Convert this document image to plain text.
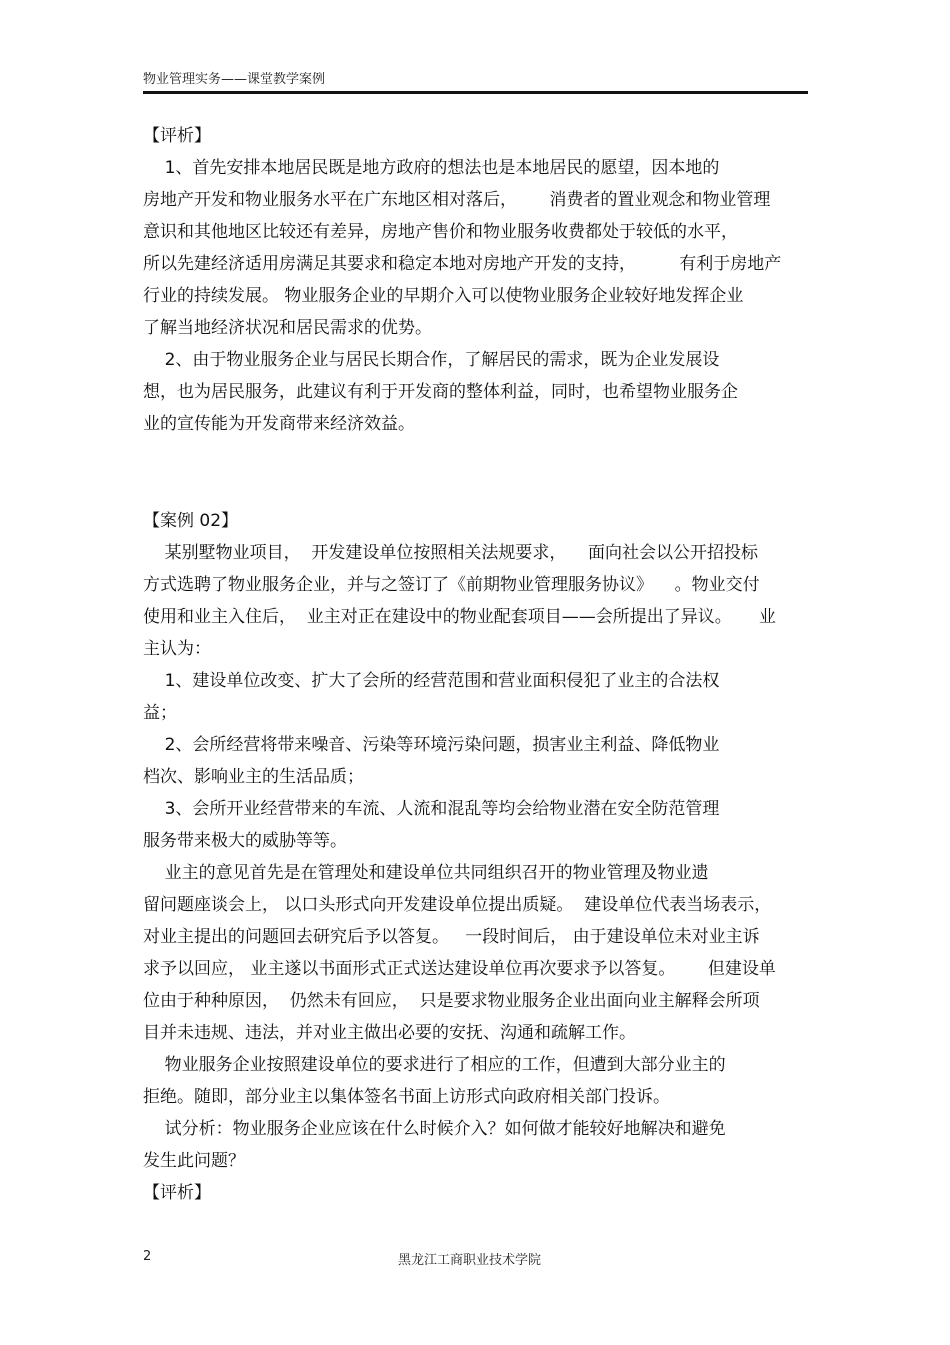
物业管理实务——课堂教学案例
【评析】
1、首先安排本地居民既是地方政府的想法也是本地居民的愿望，因本地的
房地产开发和物业服务水平在广东地区相对落后，      消费者的置业观念和物业管理
意识和其他地区比较还有差异，房地产售价和物业服务收费都处于较低的水平，
所以先建经济适用房满足其要求和稳定本地对房地产开发的支持，        有利于房地产
行业的持续发展。 物业服务企业的早期介入可以使物业服务企业较好地发挥企业
了解当地经济状况和居民需求的优势。
2、由于物业服务企业与居民长期合作，了解居民的需求，既为企业发展设
想，也为居民服务，此建议有利于开发商的整体利益，同时，也希望物业服务企
业的宣传能为开发商带来经济效益。
【案例 02】
某别墅物业项目，  开发建设单位按照相关法规要求，    面向社会以公开招投标
方式选聘了物业服务企业，并与之签订了《前期物业管理服务协议》    。物业交付
使用和业主入住后，  业主对正在建设中的物业配套项目——会所提出了异议。     业
主认为：
1、建设单位改变、扩大了会所的经营范围和营业面积侵犯了业主的合法权
益；
2、会所经营将带来噪音、污染等环境污染问题，损害业主利益、降低物业
档次、影响业主的生活品质；
3、会所开业经营带来的车流、人流和混乱等均会给物业潜在安全防范管理
服务带来极大的威胁等等。
业主的意见首先是在管理处和建设单位共同组织召开的物业管理及物业遗
留问题座谈会上， 以口头形式向开发建设单位提出质疑。  建设单位代表当场表示，
对业主提出的问题回去研究后予以答复。   一段时间后， 由于建设单位未对业主诉
求予以回应， 业主遂以书面形式正式送达建设单位再次要求予以答复。      但建设单
位由于种种原因，  仍然未有回应，  只是要求物业服务企业出面向业主解释会所项
目并未违规、违法，并对业主做出必要的安抚、沟通和疏解工作。
物业服务企业按照建设单位的要求进行了相应的工作，但遭到大部分业主的
拒绝。随即，部分业主以集体签名书面上访形式向政府相关部门投诉。
试分析：物业服务企业应该在什么时候介入？如何做才能较好地解决和避免
发生此问题？
【评析】
2	黑龙江工商职业技术学院
